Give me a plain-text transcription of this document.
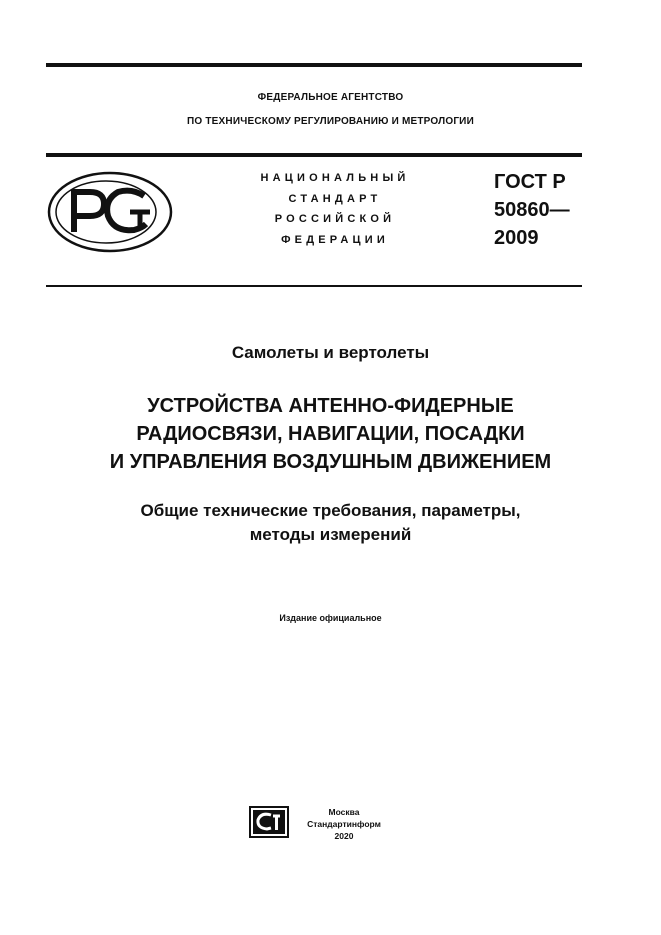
ФЕДЕРАЛЬНОЕ АГЕНТСТВО
ПО ТЕХНИЧЕСКОМУ РЕГУЛИРОВАНИЮ И МЕТРОЛОГИИ
НАЦИОНАЛЬНЫЙ
СТАНДАРТ
РОССИЙСКОЙ
ФЕДЕРАЦИИ
ГОСТ Р
50860—
2009
Самолеты и вертолеты
УСТРОЙСТВА АНТЕННО-ФИДЕРНЫЕ
РАДИОСВЯЗИ, НАВИГАЦИИ, ПОСАДКИ
И УПРАВЛЕНИЯ ВОЗДУШНЫМ ДВИЖЕНИЕМ
Общие технические требования, параметры,
методы измерений
Издание официальное
Москва
Стандартинформ
2020
